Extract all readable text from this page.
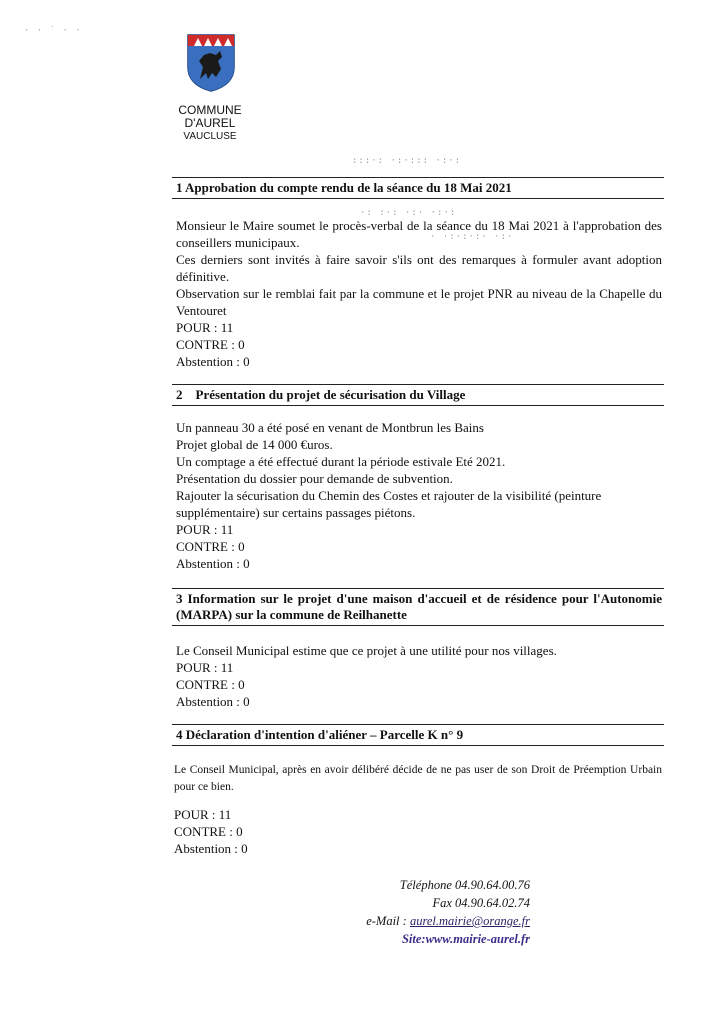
· · ˙ · ·
COMMUNE
D'AUREL
VAUCLUSE
:::·: ·:·::: ·:·:
·: :·: ·:· ·:·:
· ·:·:·:· ·:·
1 Approbation du compte rendu de la séance du 18 Mai 2021

Monsieur le Maire soumet le procès-verbal de la séance du 18 Mai 2021 à l'approbation des conseillers municipaux.

Ces derniers sont invités à faire savoir s'ils ont des remarques à formuler avant adoption définitive.

Observation sur le remblai fait par la commune et le projet PNR au niveau de la Chapelle du Ventouret

POUR : 11

CONTRE : 0

Abstention : 0

2    Présentation du projet de sécurisation du Village

Un panneau 30 a été posé en venant de Montbrun les Bains

Projet global de 14 000 €uros.

Un comptage a été effectué durant la période estivale Eté 2021.

Présentation du dossier pour demande de subvention.

Rajouter la sécurisation du Chemin des Costes et rajouter de la visibilité (peinture supplémentaire) sur certains passages piétons.

POUR : 11

CONTRE : 0

Abstention : 0

3 Information sur le projet d'une maison d'accueil et de résidence pour l'Autonomie (MARPA) sur la commune de Reilhanette

Le Conseil Municipal estime que ce projet à une utilité pour nos villages.

POUR : 11

CONTRE : 0

Abstention : 0

4 Déclaration d'intention d'aliéner – Parcelle K n° 9

Le Conseil Municipal, après en avoir délibéré décide de ne pas user de son Droit de Préemption Urbain pour ce bien.

POUR : 11

CONTRE : 0

Abstention : 0

Téléphone 04.90.64.00.76
Fax 04.90.64.02.74
e-Mail : aurel.mairie@orange.fr
Site:www.mairie-aurel.fr
